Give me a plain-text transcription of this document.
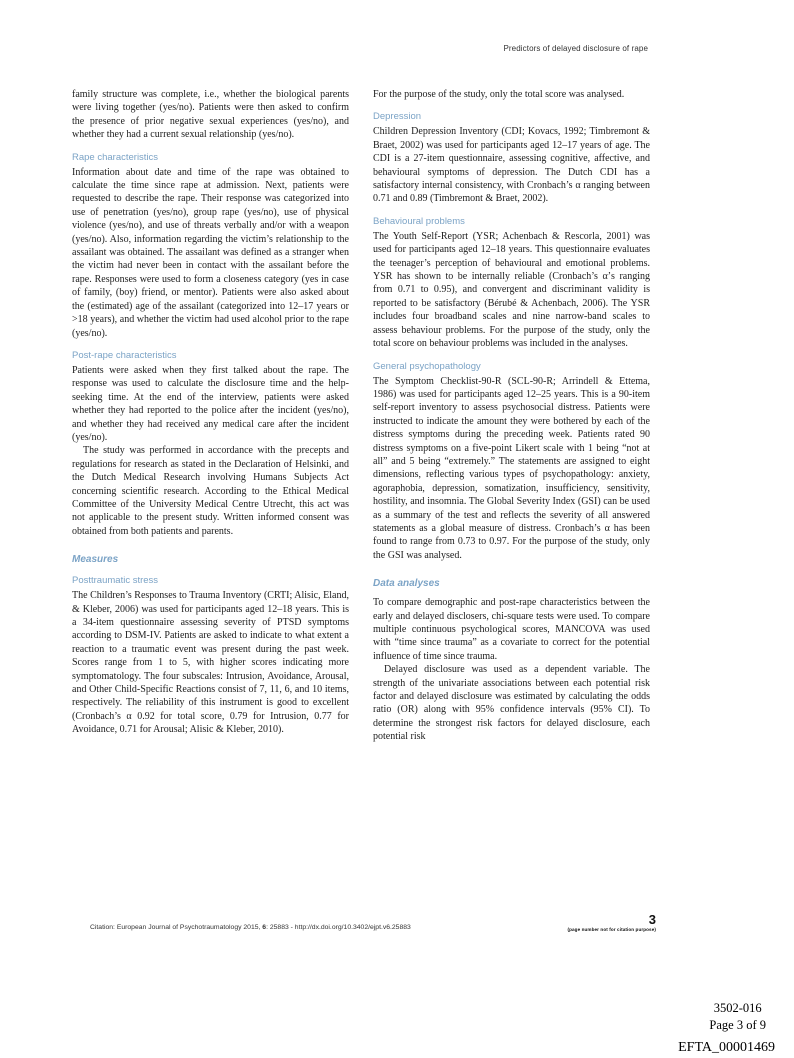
Predictors of delayed disclosure of rape

family structure was complete, i.e., whether the biological parents were living together (yes/no). Patients were then asked to confirm the presence of prior negative sexual experiences (yes/no), and whether they had a current sexual relationship (yes/no).

Rape characteristics

Information about date and time of the rape was obtained to calculate the time since rape at admission. Next, patients were requested to describe the rape. Their response was categorized into use of penetration (yes/no), group rape (yes/no), use of physical violence (yes/no), and use of threats verbally and/or with a weapon (yes/no). Also, information regarding the victim’s relationship to the assailant was obtained. The assailant was defined as a stranger when the victim had never been in contact with the assailant before the rape. Responses were used to form a closeness category (yes in case of family, (boy) friend, or mentor). Patients were also asked about the (estimated) age of the assailant (categorized into 12–17 years or >18 years), and whether the victim had used alcohol prior to the rape (yes/no).

Post-rape characteristics

Patients were asked when they first talked about the rape. The response was used to calculate the disclosure time and the help-seeking time. At the end of the interview, patients were asked whether they had reported to the police after the incident (yes/no), and whether they had received any medical care after the incident (yes/no).

The study was performed in accordance with the precepts and regulations for research as stated in the Declaration of Helsinki, and the Dutch Medical Research involving Humans Subjects Act concerning scientific research. According to the Ethical Medical Committee of the University Medical Centre Utrecht, this act was not applicable to the present study. Written informed consent was obtained from both patients and parents.

Measures
Posttraumatic stress

The Children’s Responses to Trauma Inventory (CRTI; Alisic, Eland, & Kleber, 2006) was used for participants aged 12–18 years. This is a 34-item questionnaire assessing severity of PTSD symptoms according to DSM-IV. Patients are asked to indicate to what extent a reaction to a traumatic event was present during the past week. Scores range from 1 to 5, with higher scores indicating more symptomatology. The four subscales: Intrusion, Avoidance, Arousal, and Other Child-Specific Reactions consist of 7, 11, 6, and 10 items, respectively. The reliability of this instrument is good to excellent (Cronbach’s α 0.92 for total score, 0.79 for Intrusion, 0.77 for Avoidance, 0.71 for Arousal; Alisic & Kleber, 2010).

For the purpose of the study, only the total score was analysed.

Depression

Children Depression Inventory (CDI; Kovacs, 1992; Timbremont & Braet, 2002) was used for participants aged 12–17 years of age. The CDI is a 27-item questionnaire, assessing cognitive, affective, and behavioural symptoms of depression. The Dutch CDI has a satisfactory internal consistency, with Cronbach’s α ranging between 0.71 and 0.89 (Timbremont & Braet, 2002).

Behavioural problems

The Youth Self-Report (YSR; Achenbach & Rescorla, 2001) was used for participants aged 12–18 years. This questionnaire evaluates the teenager’s perception of behavioural and emotional problems. YSR has shown to be internally reliable (Cronbach’s α’s ranging from 0.71 to 0.95), and convergent and discriminant validity is reported to be satisfactory (Bérubé & Achenbach, 2006). The YSR includes four broadband scales and nine narrow-band scales to assess behaviour problems. For the purpose of the study, only the total score on behaviour problems was included in the analyses.

General psychopathology

The Symptom Checklist-90-R (SCL-90-R; Arrindell & Ettema, 1986) was used for participants aged 12–25 years. This is a 90-item self-report inventory to assess psychosocial distress. Patients were instructed to indicate the amount they were bothered by each of the distress symptoms during the preceding week. Patients rated 90 distress symptoms on a five-point Likert scale with 1 being “not at all” and 5 being “extremely.” The statements are assigned to eight dimensions, reflecting various types of psychopathology: anxiety, agoraphobia, depression, somatization, insufficiency, sensitivity, hostility, and insomnia. The Global Severity Index (GSI) can be used as a summary of the test and reflects the severity of all answered statements as a global measure of distress. Cronbach’s α has been found to range from 0.73 to 0.97. For the purpose of the study, only the GSI was analysed.

Data analyses

To compare demographic and post-rape characteristics between the early and delayed disclosers, chi-square tests were used. To compare multiple continuous psychological scores, MANCOVA was used with “time since trauma” as a covariate to correct for the potential influence of time since trauma.

Delayed disclosure was used as a dependent variable. The strength of the univariate associations between each potential risk factor and delayed disclosure was estimated by calculating the odds ratio (OR) along with 95% confidence intervals (95% CI). To determine the strongest risk factors for delayed disclosure, each potential risk

Citation: European Journal of Psychotraumatology 2015, 6: 25883 - http://dx.doi.org/10.3402/ejpt.v6.25883
3
(page number not for citation purpose)
3502-016
Page 3 of 9
EFTA_00001469
